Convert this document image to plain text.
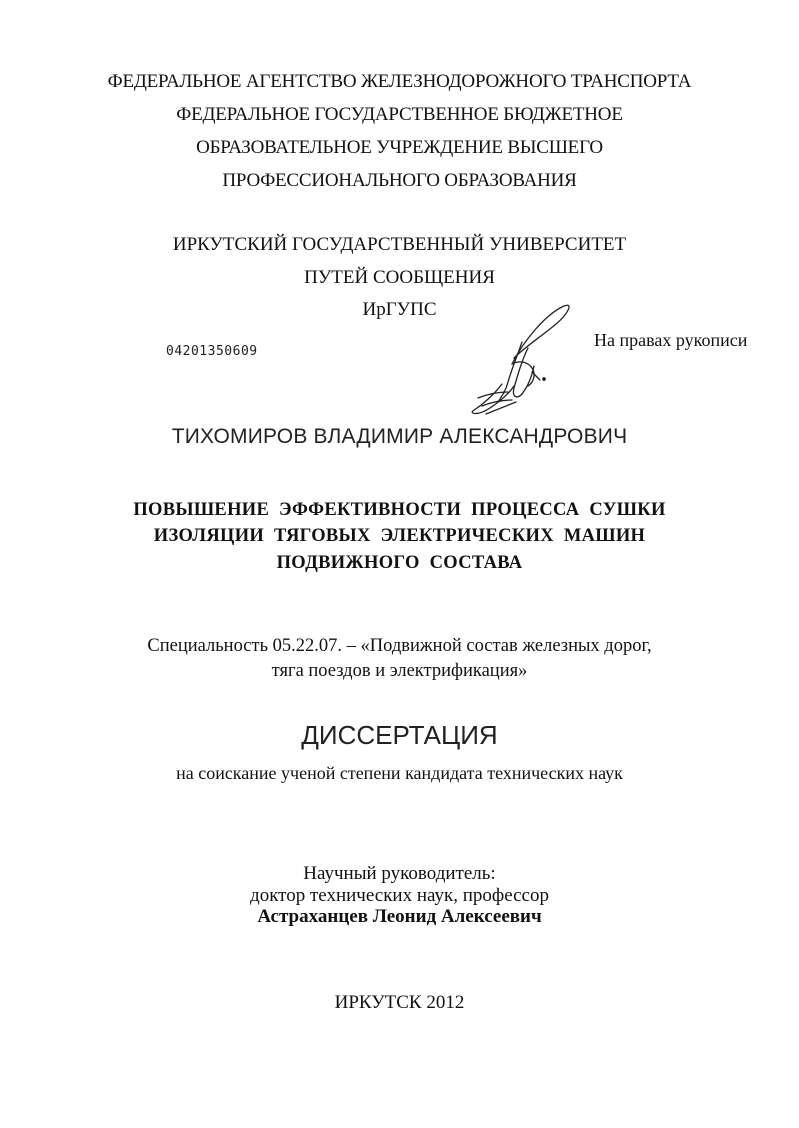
ФЕДЕРАЛЬНОЕ АГЕНТСТВО ЖЕЛЕЗНОДОРОЖНОГО ТРАНСПОРТА
ФЕДЕРАЛЬНОЕ ГОСУДАРСТВЕННОЕ БЮДЖЕТНОЕ
ОБРАЗОВАТЕЛЬНОЕ УЧРЕЖДЕНИЕ ВЫСШЕГО
ПРОФЕССИОНАЛЬНОГО ОБРАЗОВАНИЯ
ИРКУТСКИЙ ГОСУДАРСТВЕННЫЙ УНИВЕРСИТЕТ
ПУТЕЙ СООБЩЕНИЯ
ИрГУПС
04201350609
На правах рукописи
ТИХОМИРОВ ВЛАДИМИР АЛЕКСАНДРОВИЧ
ПОВЫШЕНИЕ ЭФФЕКТИВНОСТИ ПРОЦЕССА СУШКИ
ИЗОЛЯЦИИ ТЯГОВЫХ ЭЛЕКТРИЧЕСКИХ МАШИН
ПОДВИЖНОГО СОСТАВА
Специальность 05.22.07. – «Подвижной состав железных дорог,
тяга поездов и электрификация»
ДИССЕРТАЦИЯ
на соискание ученой степени кандидата технических наук
Научный руководитель:
доктор технических наук, профессор
Астраханцев Леонид Алексеевич
ИРКУТСК 2012
